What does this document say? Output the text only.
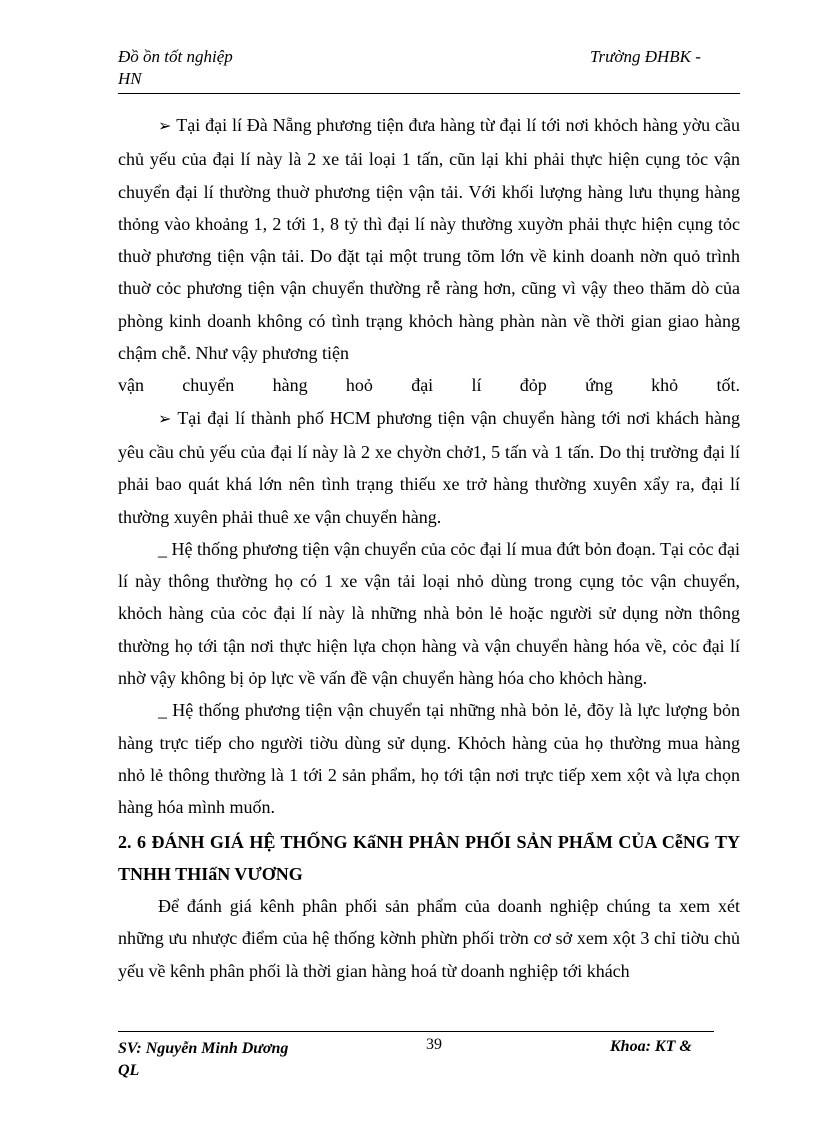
Đồ ồn tốt nghiệp
HN
Trường ĐHBK -

➢ Tại đại lí Đà Nẵng phương tiện đưa hàng từ đại lí tới nơi khỏch hàng yờu cầu chủ yếu của đại lí này là 2 xe tải loại 1 tấn, cũn lại khi phải thực hiện cụng tỏc vận chuyển đại lí thường thuờ phương tiện vận tải. Với khối lượng hàng lưu thụng hàng thỏng vào khoảng 1, 2 tới 1, 8 tỷ thì đại lí này thường xuyờn phải thực hiện cụng tỏc thuờ phương tiện vận tải. Do đặt tại một trung tõm lớn về kinh doanh nờn quỏ trình thuờ cỏc phương tiện vận chuyển thường rễ ràng hơn, cũng vì vậy theo thăm dò của phòng kinh doanh không có tình trạng khỏch hàng phàn nàn về thời gian giao hàng chậm chễ. Như vậy phương tiện

vận chuyển hàng hoỏ đại lí đỏp ứng khỏ tốt.

➢ Tại đại lí thành phố HCM phương tiện vận chuyển hàng tới nơi khách hàng yêu cầu chủ yếu của đại lí này là 2 xe chyờn chở1, 5 tấn và 1 tấn. Do thị trường đại lí phải bao quát khá lớn nên tình trạng thiếu xe trở hàng thường xuyên xẩy ra, đại lí thường xuyên phải thuê xe vận chuyển hàng.

_ Hệ thống phương tiện vận chuyển của cỏc đại lí mua đứt bỏn đoạn. Tại cỏc đại lí này thông thường họ có 1 xe vận tải loại nhỏ dùng trong cụng tỏc vận chuyển, khỏch hàng của cỏc đại lí này là những nhà bỏn lẻ hoặc người sử dụng nờn thông thường họ tới tận nơi thực hiện lựa chọn hàng và vận chuyển hàng hóa về, cỏc đại lí nhờ vậy không bị ỏp lực về vấn đề vận chuyển hàng hóa cho khỏch hàng.

_ Hệ thống phương tiện vận chuyển tại những nhà bỏn lẻ, đõy là lực lượng bỏn hàng trực tiếp cho người tiờu dùng sử dụng. Khỏch hàng của họ thường mua hàng nhỏ lẻ thông thường là 1 tới 2 sản phẩm, họ tới tận nơi trực tiếp xem xột và lựa chọn hàng hóa mình muốn.

2. 6 ĐÁNH GIÁ HỆ THỐNG KấNH PHÂN PHỐI SẢN PHẨM CỦA CễNG TY TNHH THIấN VƯƠNG

Để đánh giá kênh phân phối sản phẩm của doanh nghiệp chúng ta xem xét những ưu nhược điểm của hệ thống kờnh phừn phối trờn cơ sở xem xột 3 chỉ tiờu chủ yếu về kênh phân phối là thời gian hàng hoá từ doanh nghiệp tới khách

SV: Nguyễn Minh Dương
QL
39	Khoa: KT &
